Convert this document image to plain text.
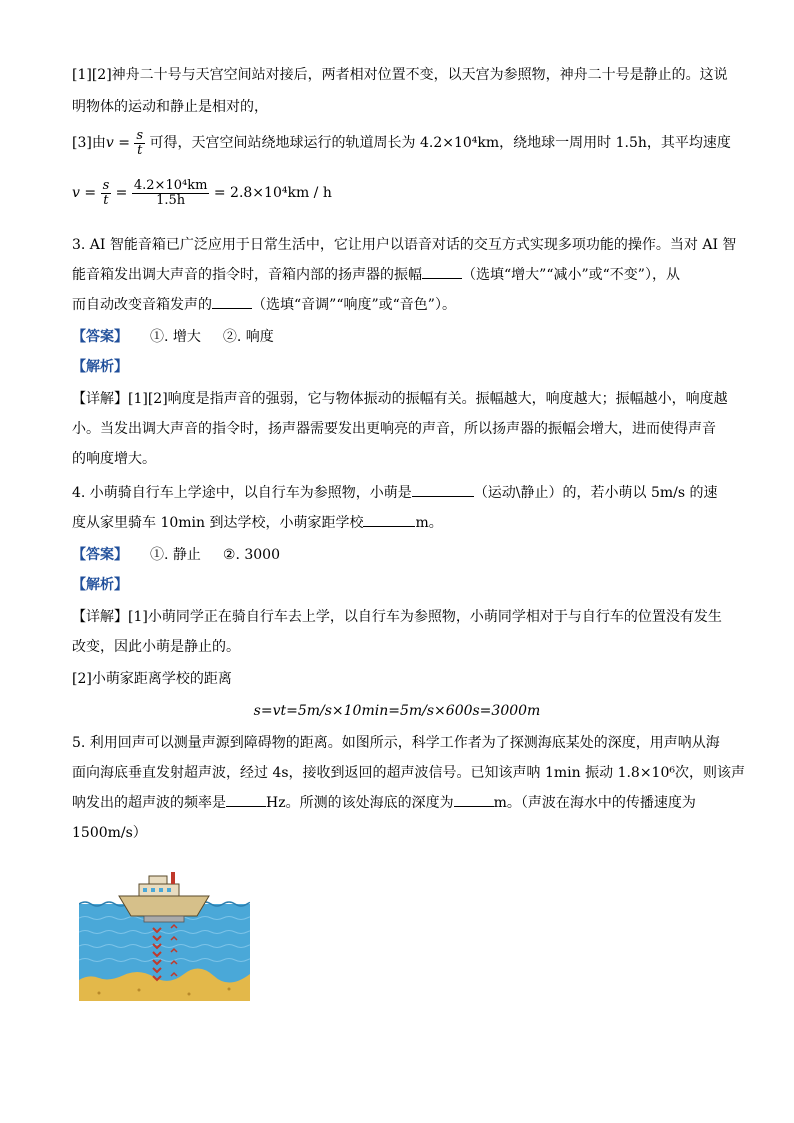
[1][2]神舟二十号与天宫空间站对接后，两者相对位置不变，以天宫为参照物，神舟二十号是静止的。这说
明物体的运动和静止是相对的，
[3]由$v = \frac{s}{t}$ 可得，天宫空间站绕地球运行的轨道周长为 4.2×10⁴km，绕地球一周用时 1.5h，其平均速度
$v = \frac{s}{t} = \frac{\text{4.2×10⁴km}}{1.5h} = 2.8\times 10^4km / h$
3. AI 智能音箱已广泛应用于日常生活中，它让用户以语音对话的交互方式实现多项功能的操作。当对 AI 智
能音箱发出调大声音的指令时，音箱内部的扬声器的振幅	（选填“增大”“减小”或“不变”），从
而自动改变音箱发声的	（选填“音调”“响度”或“音色”）。
【答案】 ①. 增大 ②. 响度
【解析】
【详解】[1][2]响度是指声音的强弱，它与物体振动的振幅有关。振幅越大，响度越大；振幅越小，响度越
小。当发出调大声音的指令时，扬声器需要发出更响亮的声音，所以扬声器的振幅会增大，进而使得声音
的响度增大。
4. 小萌骑自行车上学途中，以自行车为参照物，小萌是	（运动\静止）的，若小萌以 5m/s 的速
度从家里骑车 10min 到达学校，小萌家距学校	m。
【答案】 ①. 静止 ②. 3000
【解析】
【详解】[1]小萌同学正在骑自行车去上学，以自行车为参照物，小萌同学相对于与自行车的位置没有发生
改变，因此小萌是静止的。
[2]小萌家距离学校的距离
s=vt=5m/s×10min=5m/s×600s=3000m
5. 利用回声可以测量声源到障碍物的距离。如图所示，科学工作者为了探测海底某处的深度，用声呐从海
面向海底垂直发射超声波，经过 4s，接收到返回的超声波信号。已知该声呐 1min 振动 1.8×10⁶次，则该声
呐发出的超声波的频率是	Hz。所测的该处海底的深度为	m。（声波在海水中的传播速度为
1500m/s）
